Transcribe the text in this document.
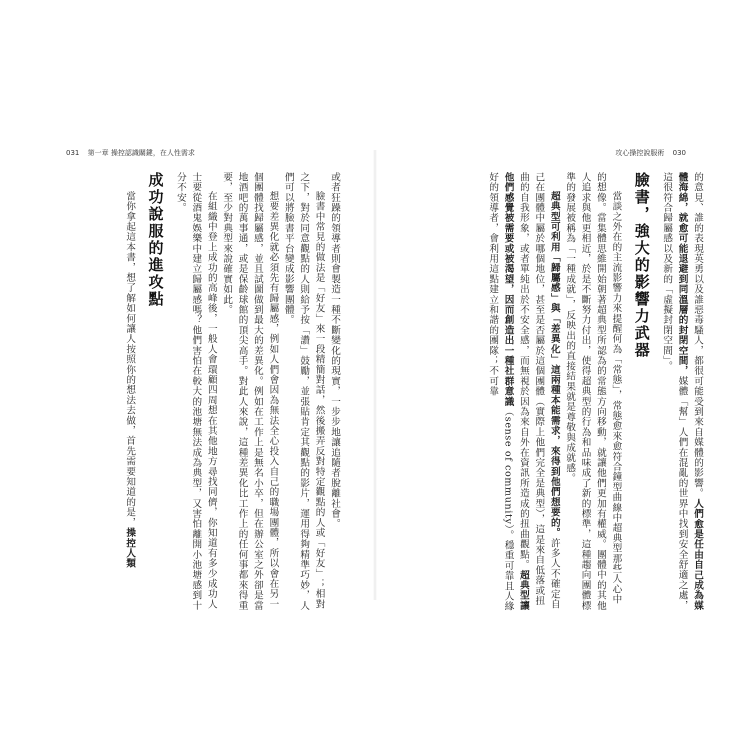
031 第一章 操控認識關鍵，在人性需求

或者狂躁的領導者則會製造一種不斷變化的現實，一步步地讓追隨者脫離社會。

臉書中常見的做法是「好友」來一段精簡對話，然後搬弄反對特定觀點的人或「好友」；相對之下，對於同意觀點的人則給予按「讚」鼓勵，並張貼肯定其觀點的影片，運用得夠精準巧妙，人們可以將臉書平台變成影響團體。

想要差異化就必須先有歸屬感，例如人們會因為無法全心投入自己的職場團體，所以會在另一個團體找歸屬感，並且試圖做到最大的差異化。例如在工作上是無名小卒，但在辦公室之外卻是當地酒吧的萬事通，或是保齡球館的頂尖高手。對此人來說，這種差異化比工作上的任何事都來得重要，至少對典型來說確實如此。

在組織中登上成功的高峰後，一般人會環顧四周想在其他地方尋找同儕，你知道有多少成功人士要從酒鬼娛樂中建立歸屬感嗎？他們害怕在較大的池塘無法成為典型，又害怕離開小池塘感到十分不安。

成功說服的進攻點

當你拿起這本書，想了解如何讓人按照你的想法去做，首先需要知道的是，操控人類

攻心操控說服術 030

的意見、誰的表現英勇以及誰惡毒騷人，都很可能受到來自媒體的影響。人們愈是任由自己成為媒體海綿，就愈可能退避到同溫層的封閉空間，媒體「幫」人們在混亂的世界中找到安全舒適之處，這很符合歸屬感以及新的「虛擬封閉空間」。

臉書，強大的影響力武器

當談之外在的主流影響力來提醒何為「常態」，常態愈來愈符合鐘型曲線中超典型那些人心中的想像。當集體思維開始朝著超典型所認為的常態方向移動，就讓他們更加有權威。團體中的其他人追求與他更相近，於是不斷努力付出，使得超典型的行為和品味成了新的標準，這種趨向團體標準的發展被稱為「一種成就」，反映出的直接結果就是尊敬與成就感。

超典型可利用「歸屬感」與「差異化」這兩種本能需求，來得到他們想要的。許多人不確定自己在團體中屬於哪個地位，甚至是否屬於這個團體（實際上他們完全是典型），這是來自低落或扭曲的自我形象，或者單純出於不安全感，而無視於因為來自外在資訊所造成的扭曲觀點。超典型讓他們感覺被需要或被渴望，因而創造出一種社群意識（sense of community）。穩重可靠且人緣好的領導者，會利用這點建立和諧的團隊；不可靠
